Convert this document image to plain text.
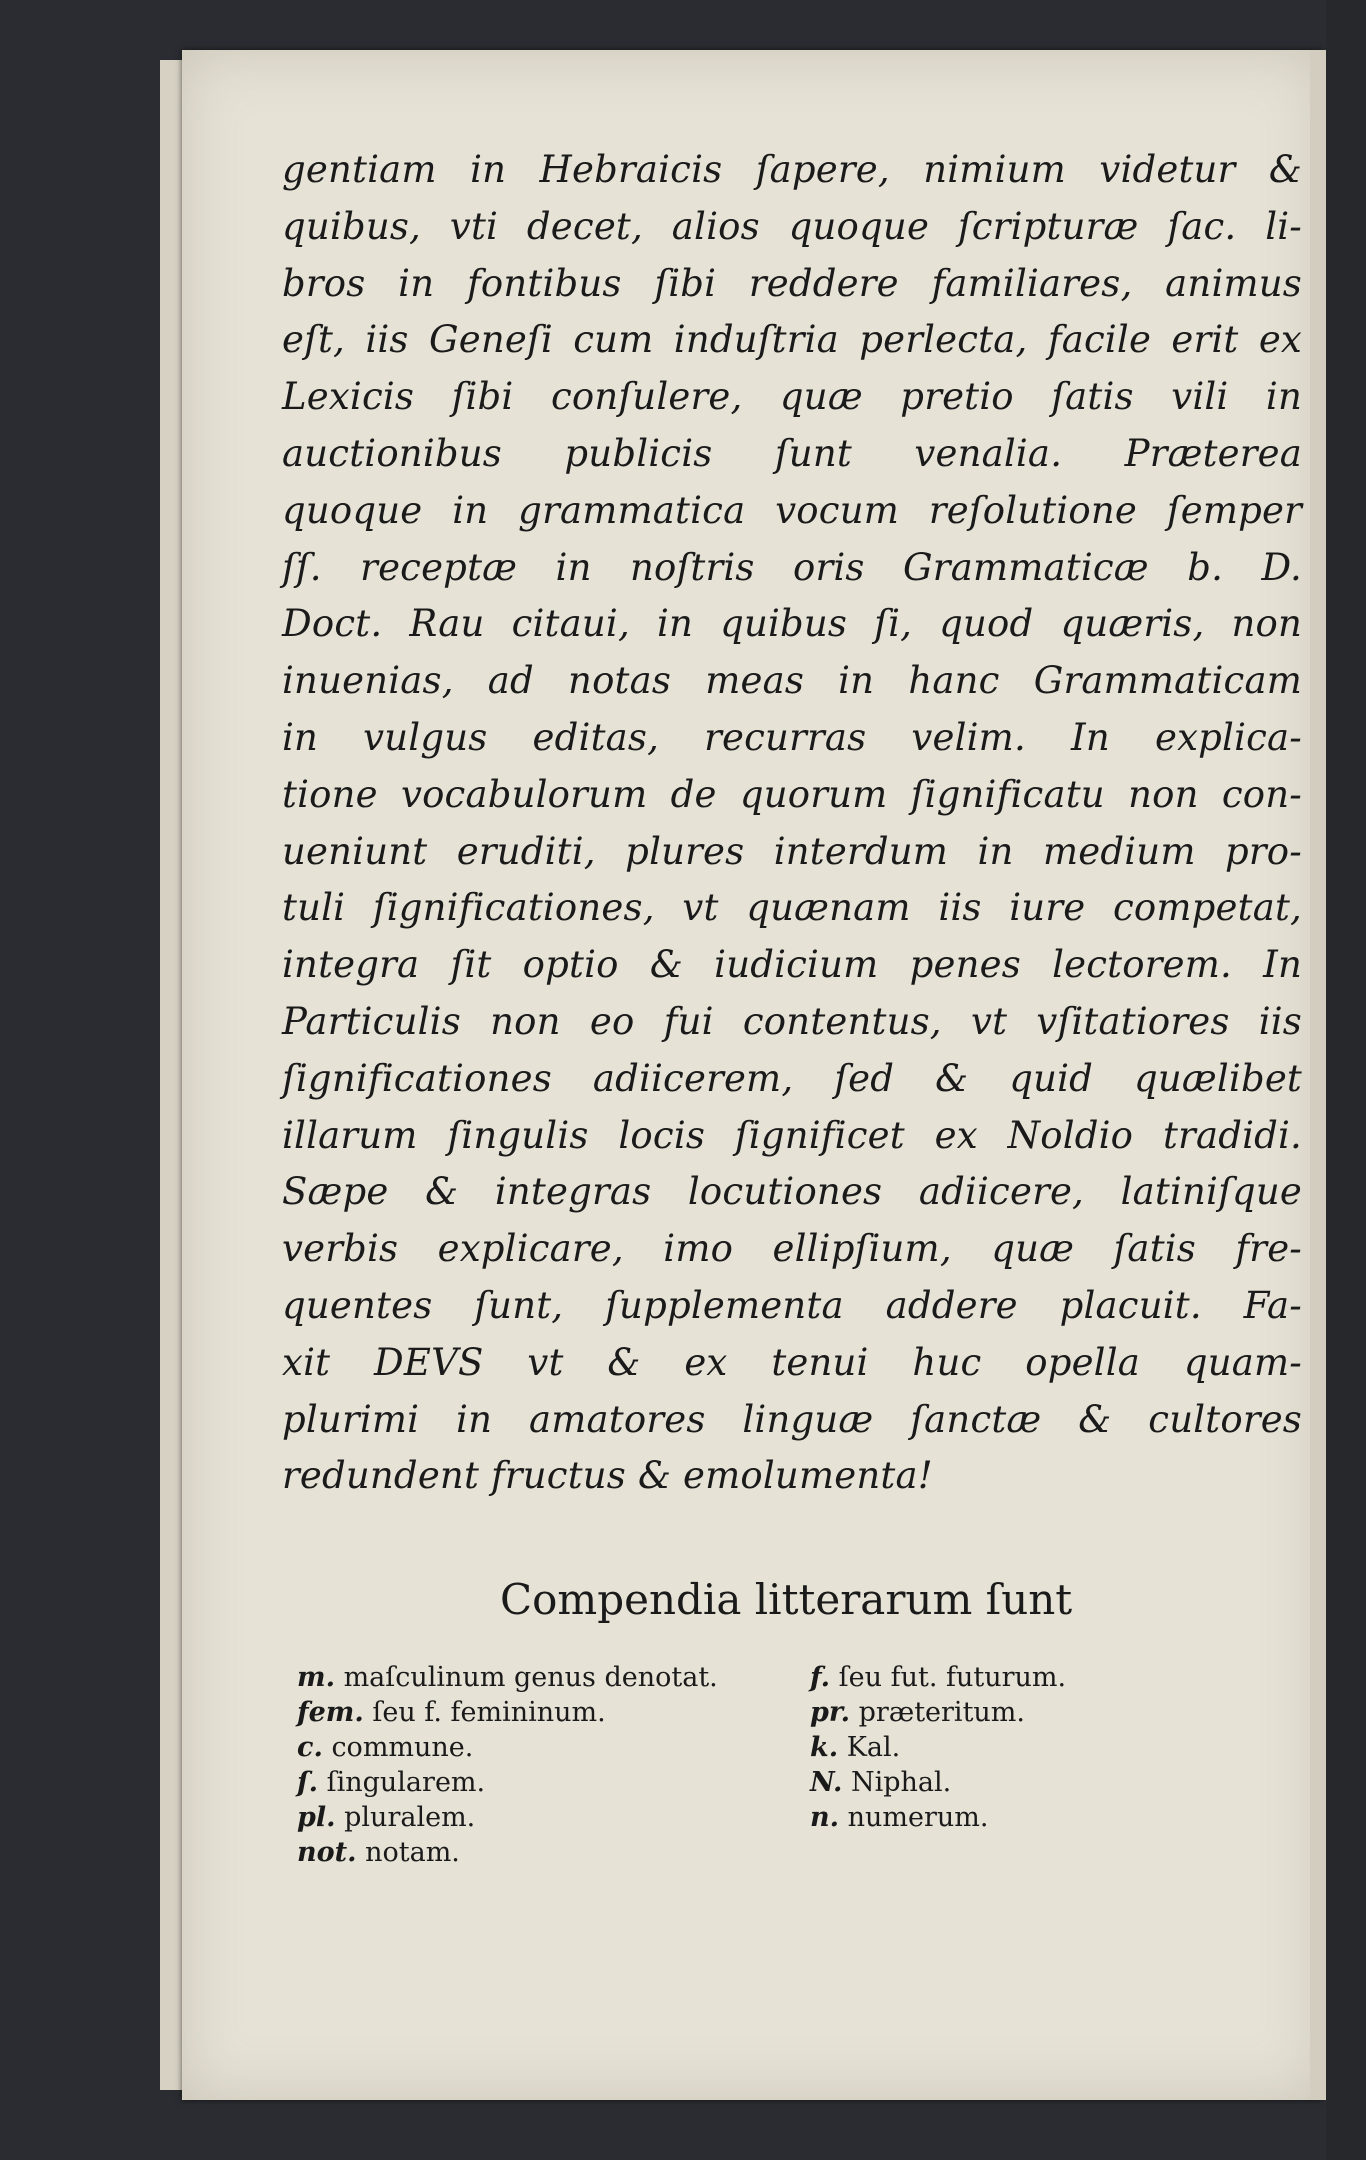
gentiam in Hebraicis ſapere, nimium videtur &
quibus, vti decet, alios quoque ſcripturæ ſac. li-
bros in fontibus ſibi reddere familiares, animus
eſt, iis Geneſi cum induſtria perlecta, facile erit ex
Lexicis ſibi conſulere, quæ pretio ſatis vili in
auctionibus publicis ſunt venalia. Præterea
quoque in grammatica vocum reſolutione ſemper
ſſ. receptæ in noſtris oris Grammaticæ b. D.
Doct. Rau citaui, in quibus ſi, quod quæris, non
inuenias, ad notas meas in hanc Grammaticam
in vulgus editas, recurras velim. In explica-
tione vocabulorum de quorum ſignificatu non con-
ueniunt eruditi, plures interdum in medium pro-
tuli ſignificationes, vt quænam iis iure competat,
integra ſit optio & iudicium penes lectorem. In
Particulis non eo fui contentus, vt vſitatiores iis
ſignificationes adiicerem, ſed & quid quælibet
illarum ſingulis locis ſignificet ex Noldio tradidi.
Sæpe & integras locutiones adiicere, latiniſque
verbis explicare, imo ellipſium, quæ ſatis fre-
quentes ſunt, ſupplementa addere placuit. Fa-
xit DEVS vt & ex tenui huc opella quam-
plurimi in amatores linguæ ſanctæ & cultores
redundent fructus & emolumenta!
Compendia litterarum ſunt
m. maſculinum genus denotat.
fem. ſeu f. femininum.
c. commune.
ſ. ſingularem.
pl. pluralem.
not. notam.
f. ſeu fut. futurum.
pr. præteritum.
k. Kal.
N. Niphal.
n. numerum.
